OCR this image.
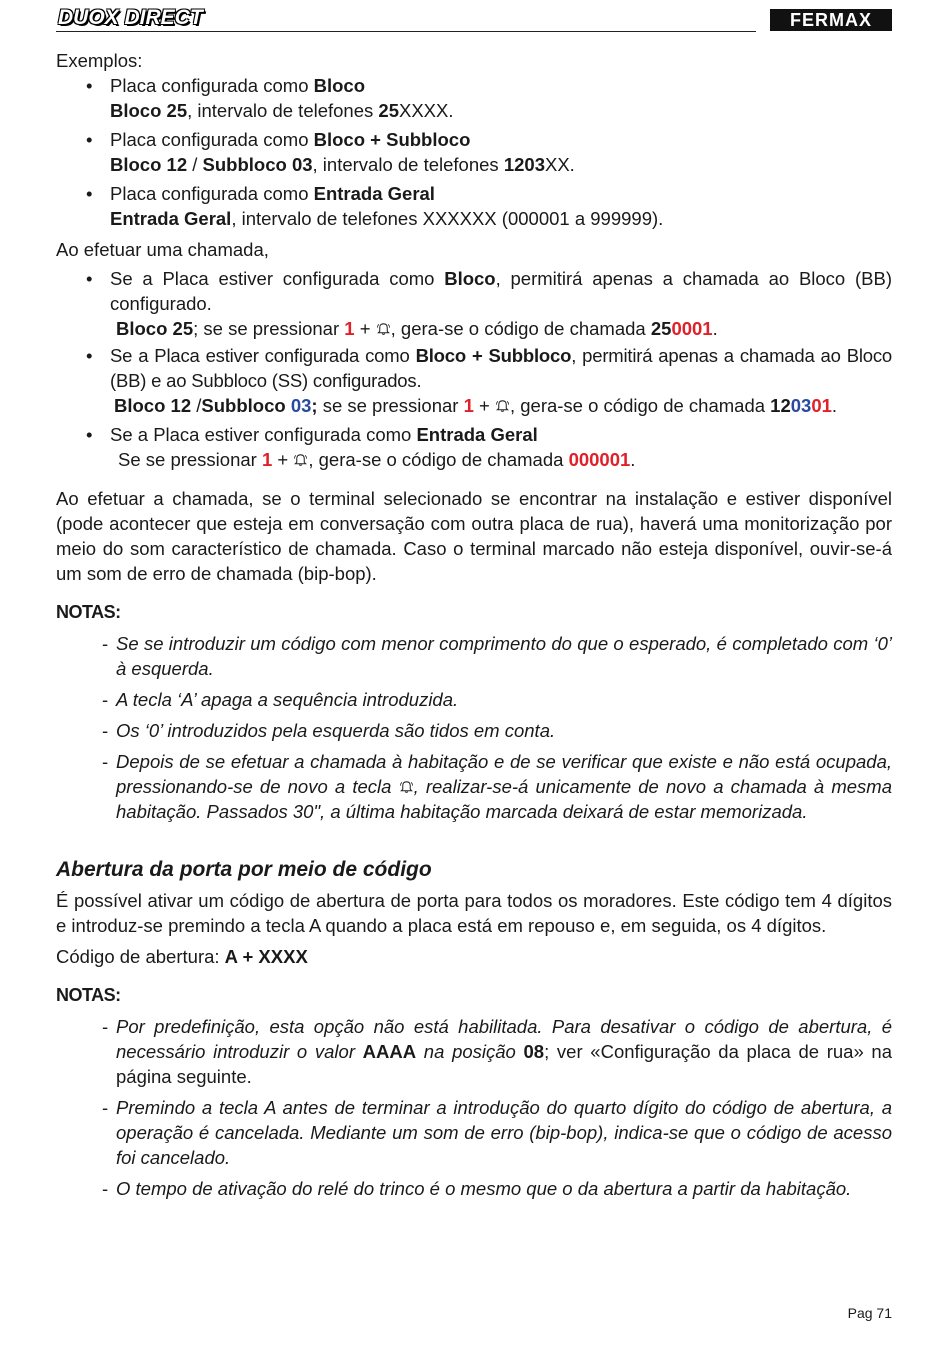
DUOX DIRECT	FERMAX

Exemplos:

• Placa configurada como Bloco

Bloco 25, intervalo de telefones 25XXXX.

• Placa configurada como Bloco + Subbloco

Bloco 12 / Subbloco 03, intervalo de telefones 1203XX.

• Placa configurada como Entrada Geral

Entrada Geral, intervalo de telefones XXXXXX (000001 a 999999).

Ao efetuar uma chamada,

• Se a Placa estiver configurada como Bloco, permitirá apenas a chamada ao Bloco (BB) configurado.

Bloco 25; se se pressionar 1 + , gera-se o código de chamada 250001.

• Se a Placa estiver configurada como Bloco + Subbloco, permitirá apenas a chamada ao Bloco (BB) e ao Subbloco (SS) configurados.

Bloco 12 /Subbloco 03; se se pressionar 1 + , gera-se o código de chamada 120301.

• Se a Placa estiver configurada como Entrada Geral

Se se pressionar 1 + , gera-se o código de chamada 000001.

Ao efetuar a chamada, se o terminal selecionado se encontrar na instalação e estiver disponível (pode acontecer que esteja em conversação com outra placa de rua), haverá uma monitorização por meio do som característico de chamada. Caso o terminal marcado não esteja disponível, ouvir-se-á um som de erro de chamada (bip-bop).

NOTAS:

- Se se introduzir um código com menor comprimento do que o esperado, é completado com ‘0’ à esquerda.

- A tecla ‘A’ apaga a sequência introduzida.

- Os ‘0’ introduzidos pela esquerda são tidos em conta.

- Depois de se efetuar a chamada à habitação e de se verificar que existe e não está ocupada, pressionando-se de novo a tecla , realizar-se-á unicamente de novo a chamada à mesma habitação. Passados 30", a última habitação marcada deixará de estar memorizada.

Abertura da porta por meio de código

É possível ativar um código de abertura de porta para todos os moradores. Este código tem 4 dígitos e introduz-se premindo a tecla A quando a placa está em repouso e, em seguida, os 4 dígitos.

Código de abertura: A + XXXX

NOTAS:

- Por predefinição, esta opção não está habilitada. Para desativar o código de abertura, é necessário introduzir o valor AAAA na posição 08; ver «Configuração da placa de rua» na página seguinte.

- Premindo a tecla A antes de terminar a introdução do quarto dígito do código de abertura, a operação é cancelada. Mediante um som de erro (bip-bop), indica-se que o código de acesso foi cancelado.

- O tempo de ativação do relé do trinco é o mesmo que o da abertura a partir da habitação.

Pag 71
